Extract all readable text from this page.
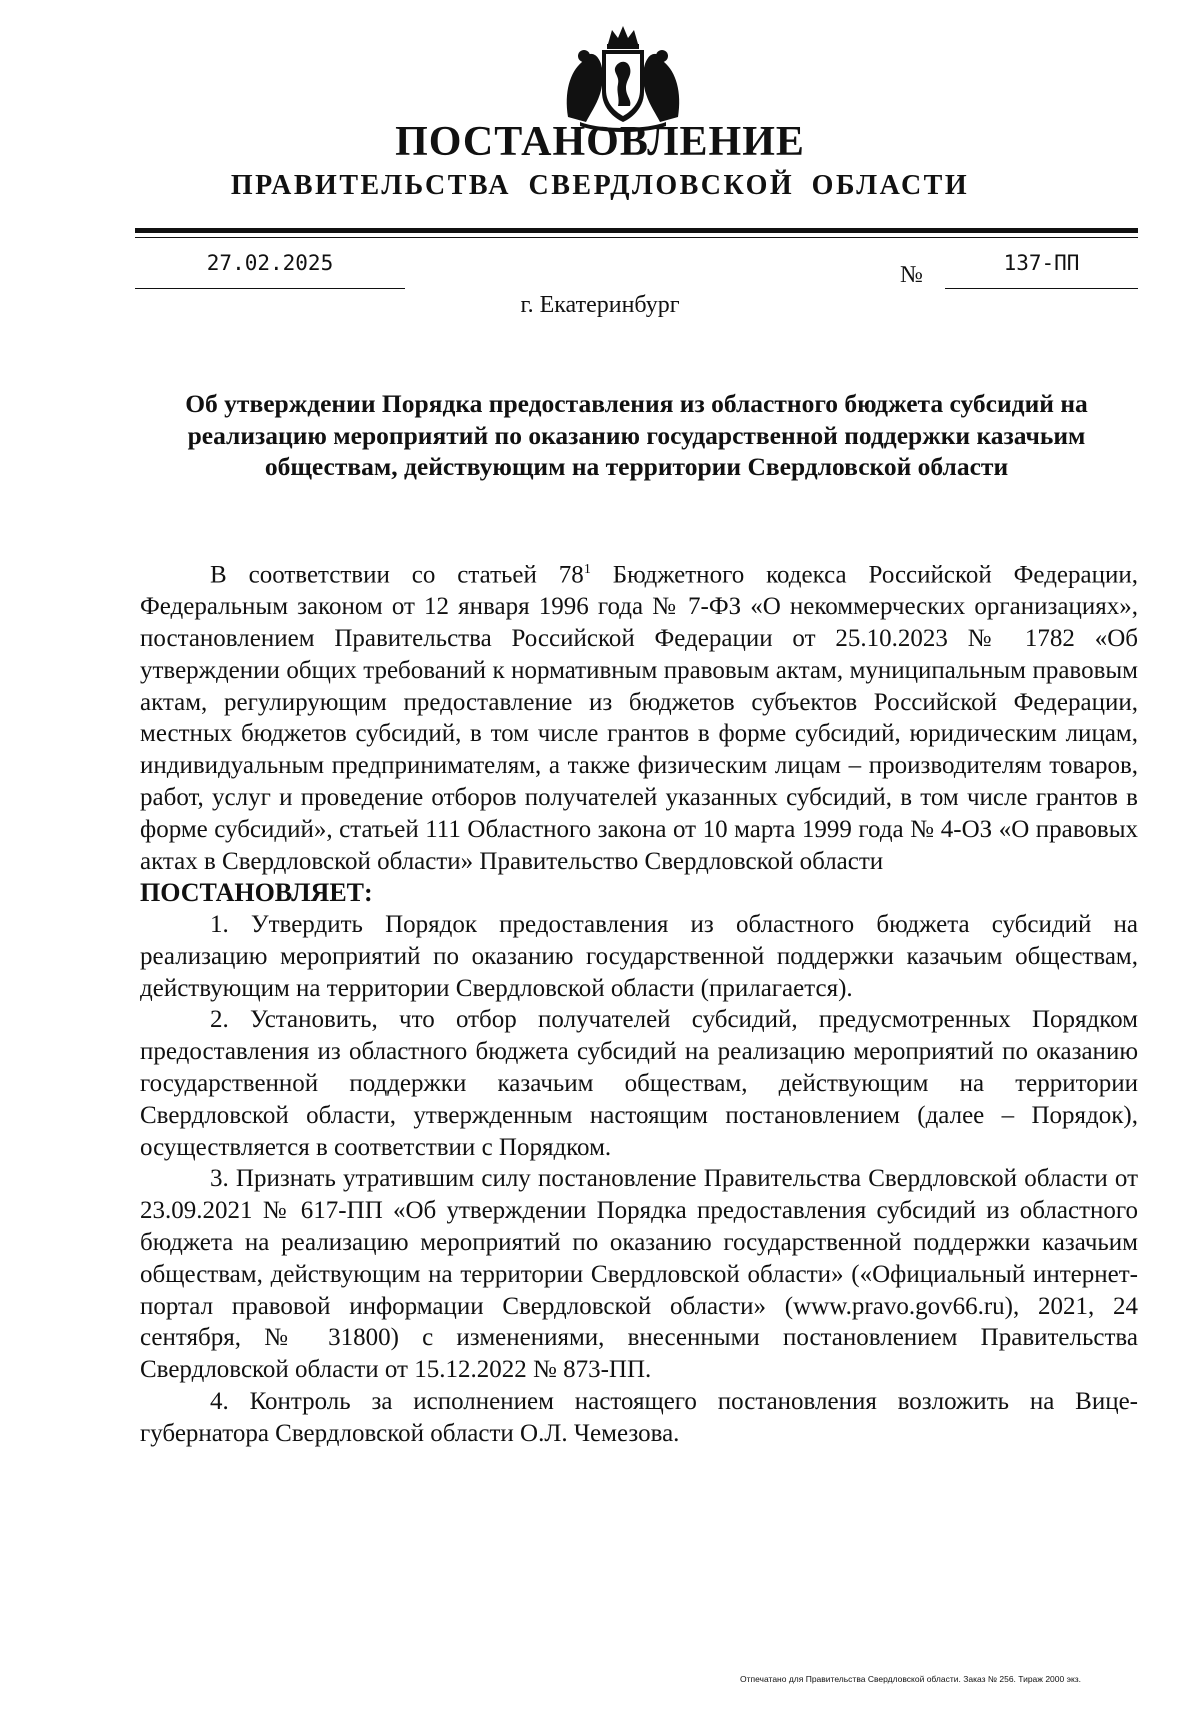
ПОСТАНОВЛЕНИЕ
ПРАВИТЕЛЬСТВА СВЕРДЛОВСКОЙ ОБЛАСТИ
27.02.2025	№	137-ПП
г. Екатеринбург

Об утверждении Порядка предоставления из областного бюджета субсидий на реализацию мероприятий по оказанию государственной поддержки казачьим обществам, действующим на территории Свердловской области

В соответствии со статьей $78^1$ Бюджетного кодекса Российской Федерации, Федеральным законом от 12 января 1996 года № 7-ФЗ «О некоммерческих организациях», постановлением Правительства Российской Федерации от 25.10.2023 № 1782 «Об утверждении общих требований к нормативным правовым актам, муниципальным правовым актам, регулирующим предоставление из бюджетов субъектов Российской Федерации, местных бюджетов субсидий, в том числе грантов в форме субсидий, юридическим лицам, индивидуальным предпринимателям, а также физическим лицам – производителям товаров, работ, услуг и проведение отборов получателей указанных субсидий, в том числе грантов в форме субсидий», статьей 111 Областного закона от 10 марта 1999 года № 4-ОЗ «О правовых актах в Свердловской области» Правительство Свердловской области

ПОСТАНОВЛЯЕТ:

1. Утвердить Порядок предоставления из областного бюджета субсидий на реализацию мероприятий по оказанию государственной поддержки казачьим обществам, действующим на территории Свердловской области (прилагается).

2. Установить, что отбор получателей субсидий, предусмотренных Порядком предоставления из областного бюджета субсидий на реализацию мероприятий по оказанию государственной поддержки казачьим обществам, действующим на территории Свердловской области, утвержденным настоящим постановлением (далее – Порядок), осуществляется в соответствии с Порядком.

3. Признать утратившим силу постановление Правительства Свердловской области от 23.09.2021 № 617-ПП «Об утверждении Порядка предоставления субсидий из областного бюджета на реализацию мероприятий по оказанию государственной поддержки казачьим обществам, действующим на территории Свердловской области» («Официальный интернет-портал правовой информации Свердловской области» (www.pravo.gov66.ru), 2021, 24 сентября, № 31800) с изменениями, внесенными постановлением Правительства Свердловской области от 15.12.2022 № 873-ПП.

4. Контроль за исполнением настоящего постановления возложить на Вице-губернатора Свердловской области О.Л. Чемезова.

Отпечатано для Правительства Свердловской области. Заказ № 256. Тираж 2000 экз.
